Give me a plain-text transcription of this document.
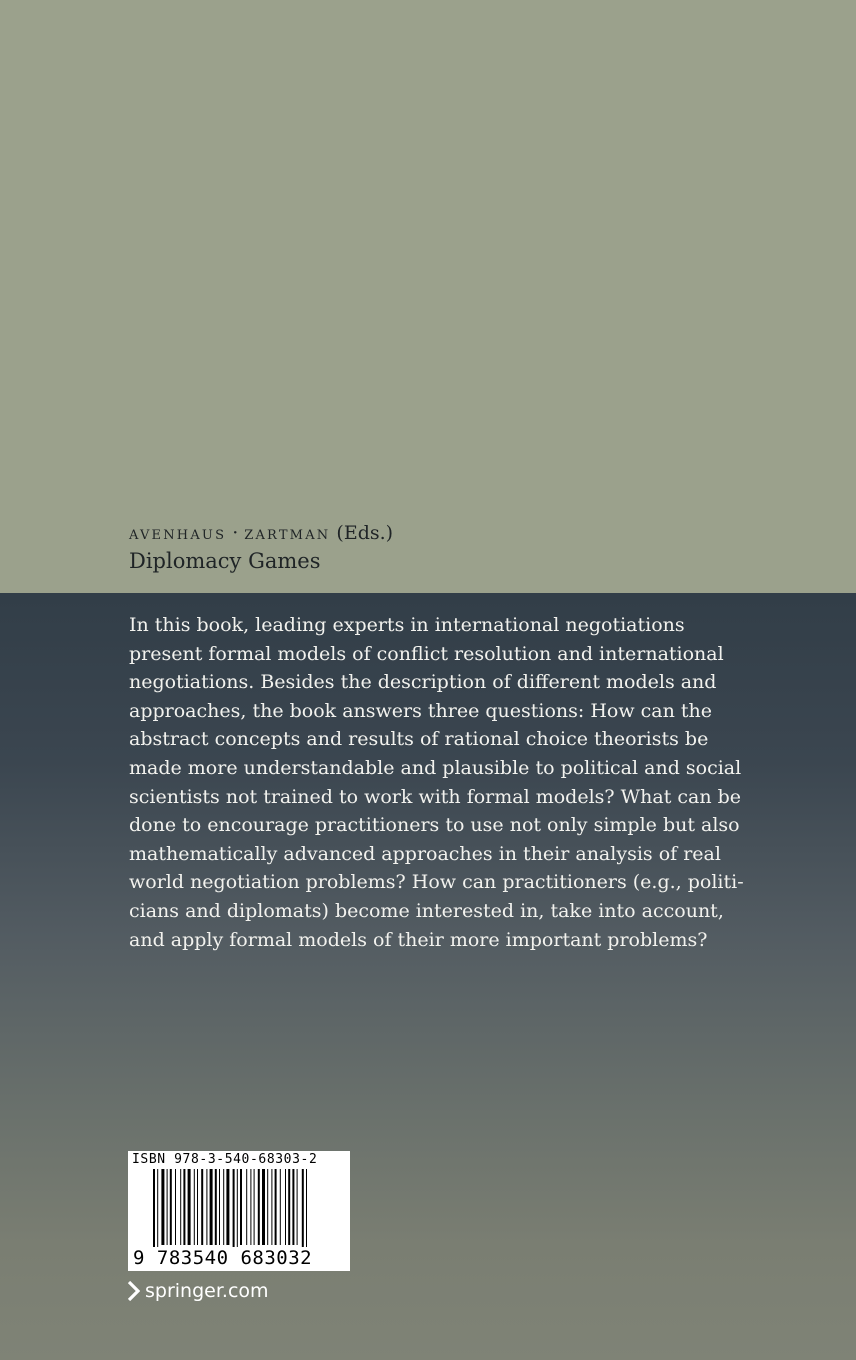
avenhaus · zartman (Eds.)

Diplomacy Games

In this book, leading experts in international negotiations
present formal models of conflict resolution and international
negotiations. Besides the description of different models and
approaches, the book answers three questions: How can the
abstract concepts and results of rational choice theorists be
made more understandable and plausible to political and social
scientists not trained to work with formal models? What can be
done to encourage practitioners to use not only simple but also
mathematically advanced approaches in their analysis of real
world negotiation problems? How can practitioners (e.g., politi-
cians and diplomats) become interested in, take into account,
and apply formal models of their more important problems?

ISBN 978-3-540-68303-2

9 783540 683032

springer.com
